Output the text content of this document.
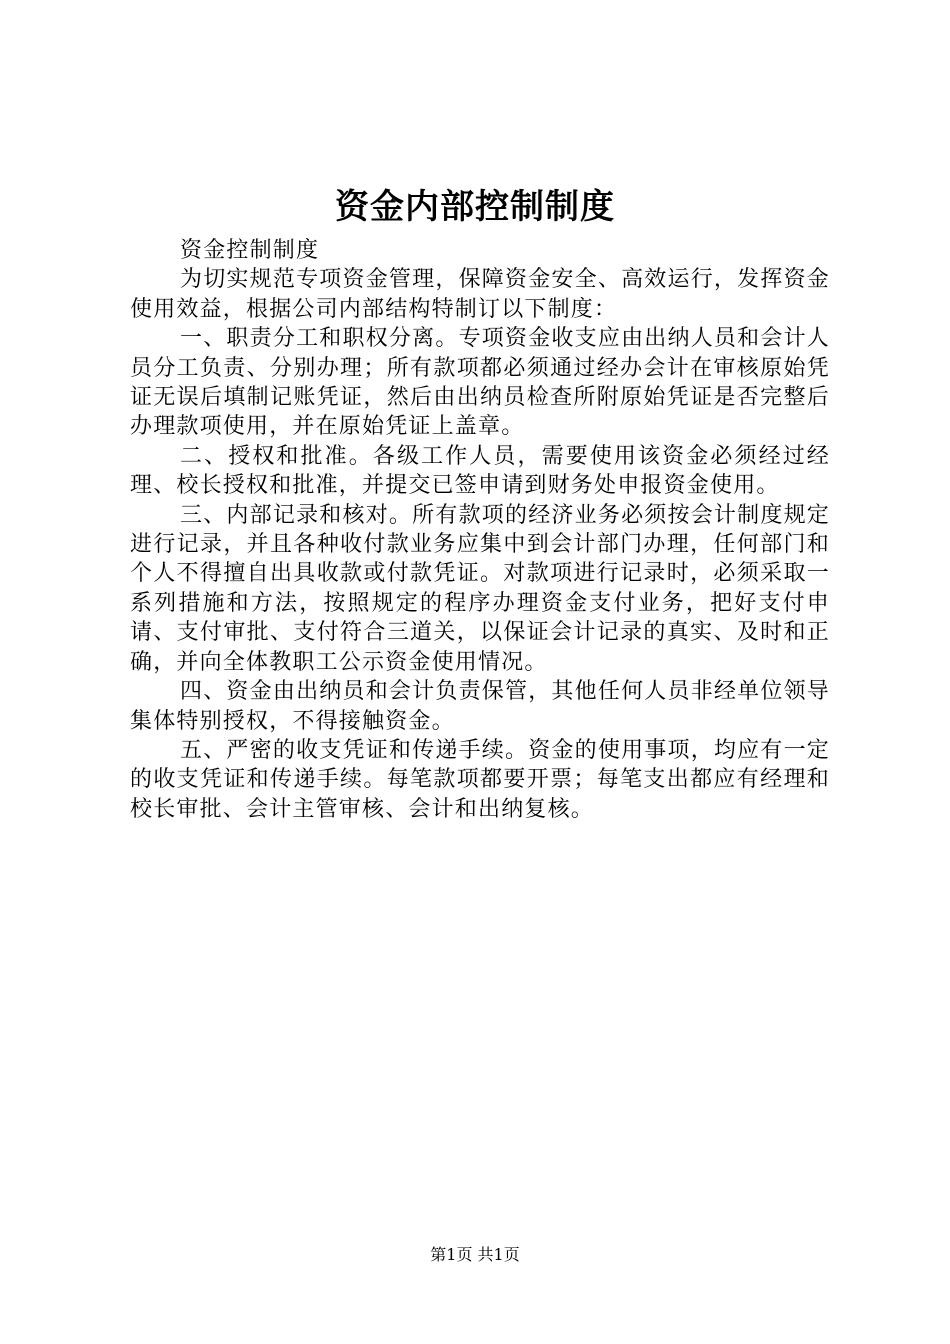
资金内部控制制度

资金控制制度

为切实规范专项资金管理，保障资金安全、高效运行，发挥资金使用效益，根据公司内部结构特制订以下制度：

一、职责分工和职权分离。专项资金收支应由出纳人员和会计人员分工负责、分别办理；所有款项都必须通过经办会计在审核原始凭证无误后填制记账凭证，然后由出纳员检查所附原始凭证是否完整后办理款项使用，并在原始凭证上盖章。

二、授权和批准。各级工作人员，需要使用该资金必须经过经理、校长授权和批准，并提交已签申请到财务处申报资金使用。

三、内部记录和核对。所有款项的经济业务必须按会计制度规定进行记录，并且各种收付款业务应集中到会计部门办理，任何部门和个人不得擅自出具收款或付款凭证。对款项进行记录时，必须采取一系列措施和方法，按照规定的程序办理资金支付业务，把好支付申请、支付审批、支付符合三道关，以保证会计记录的真实、及时和正确，并向全体教职工公示资金使用情况。

四、资金由出纳员和会计负责保管，其他任何人员非经单位领导集体特别授权，不得接触资金。

五、严密的收支凭证和传递手续。资金的使用事项，均应有一定的收支凭证和传递手续。每笔款项都要开票；每笔支出都应有经理和校长审批、会计主管审核、会计和出纳复核。

第1页 共1页
